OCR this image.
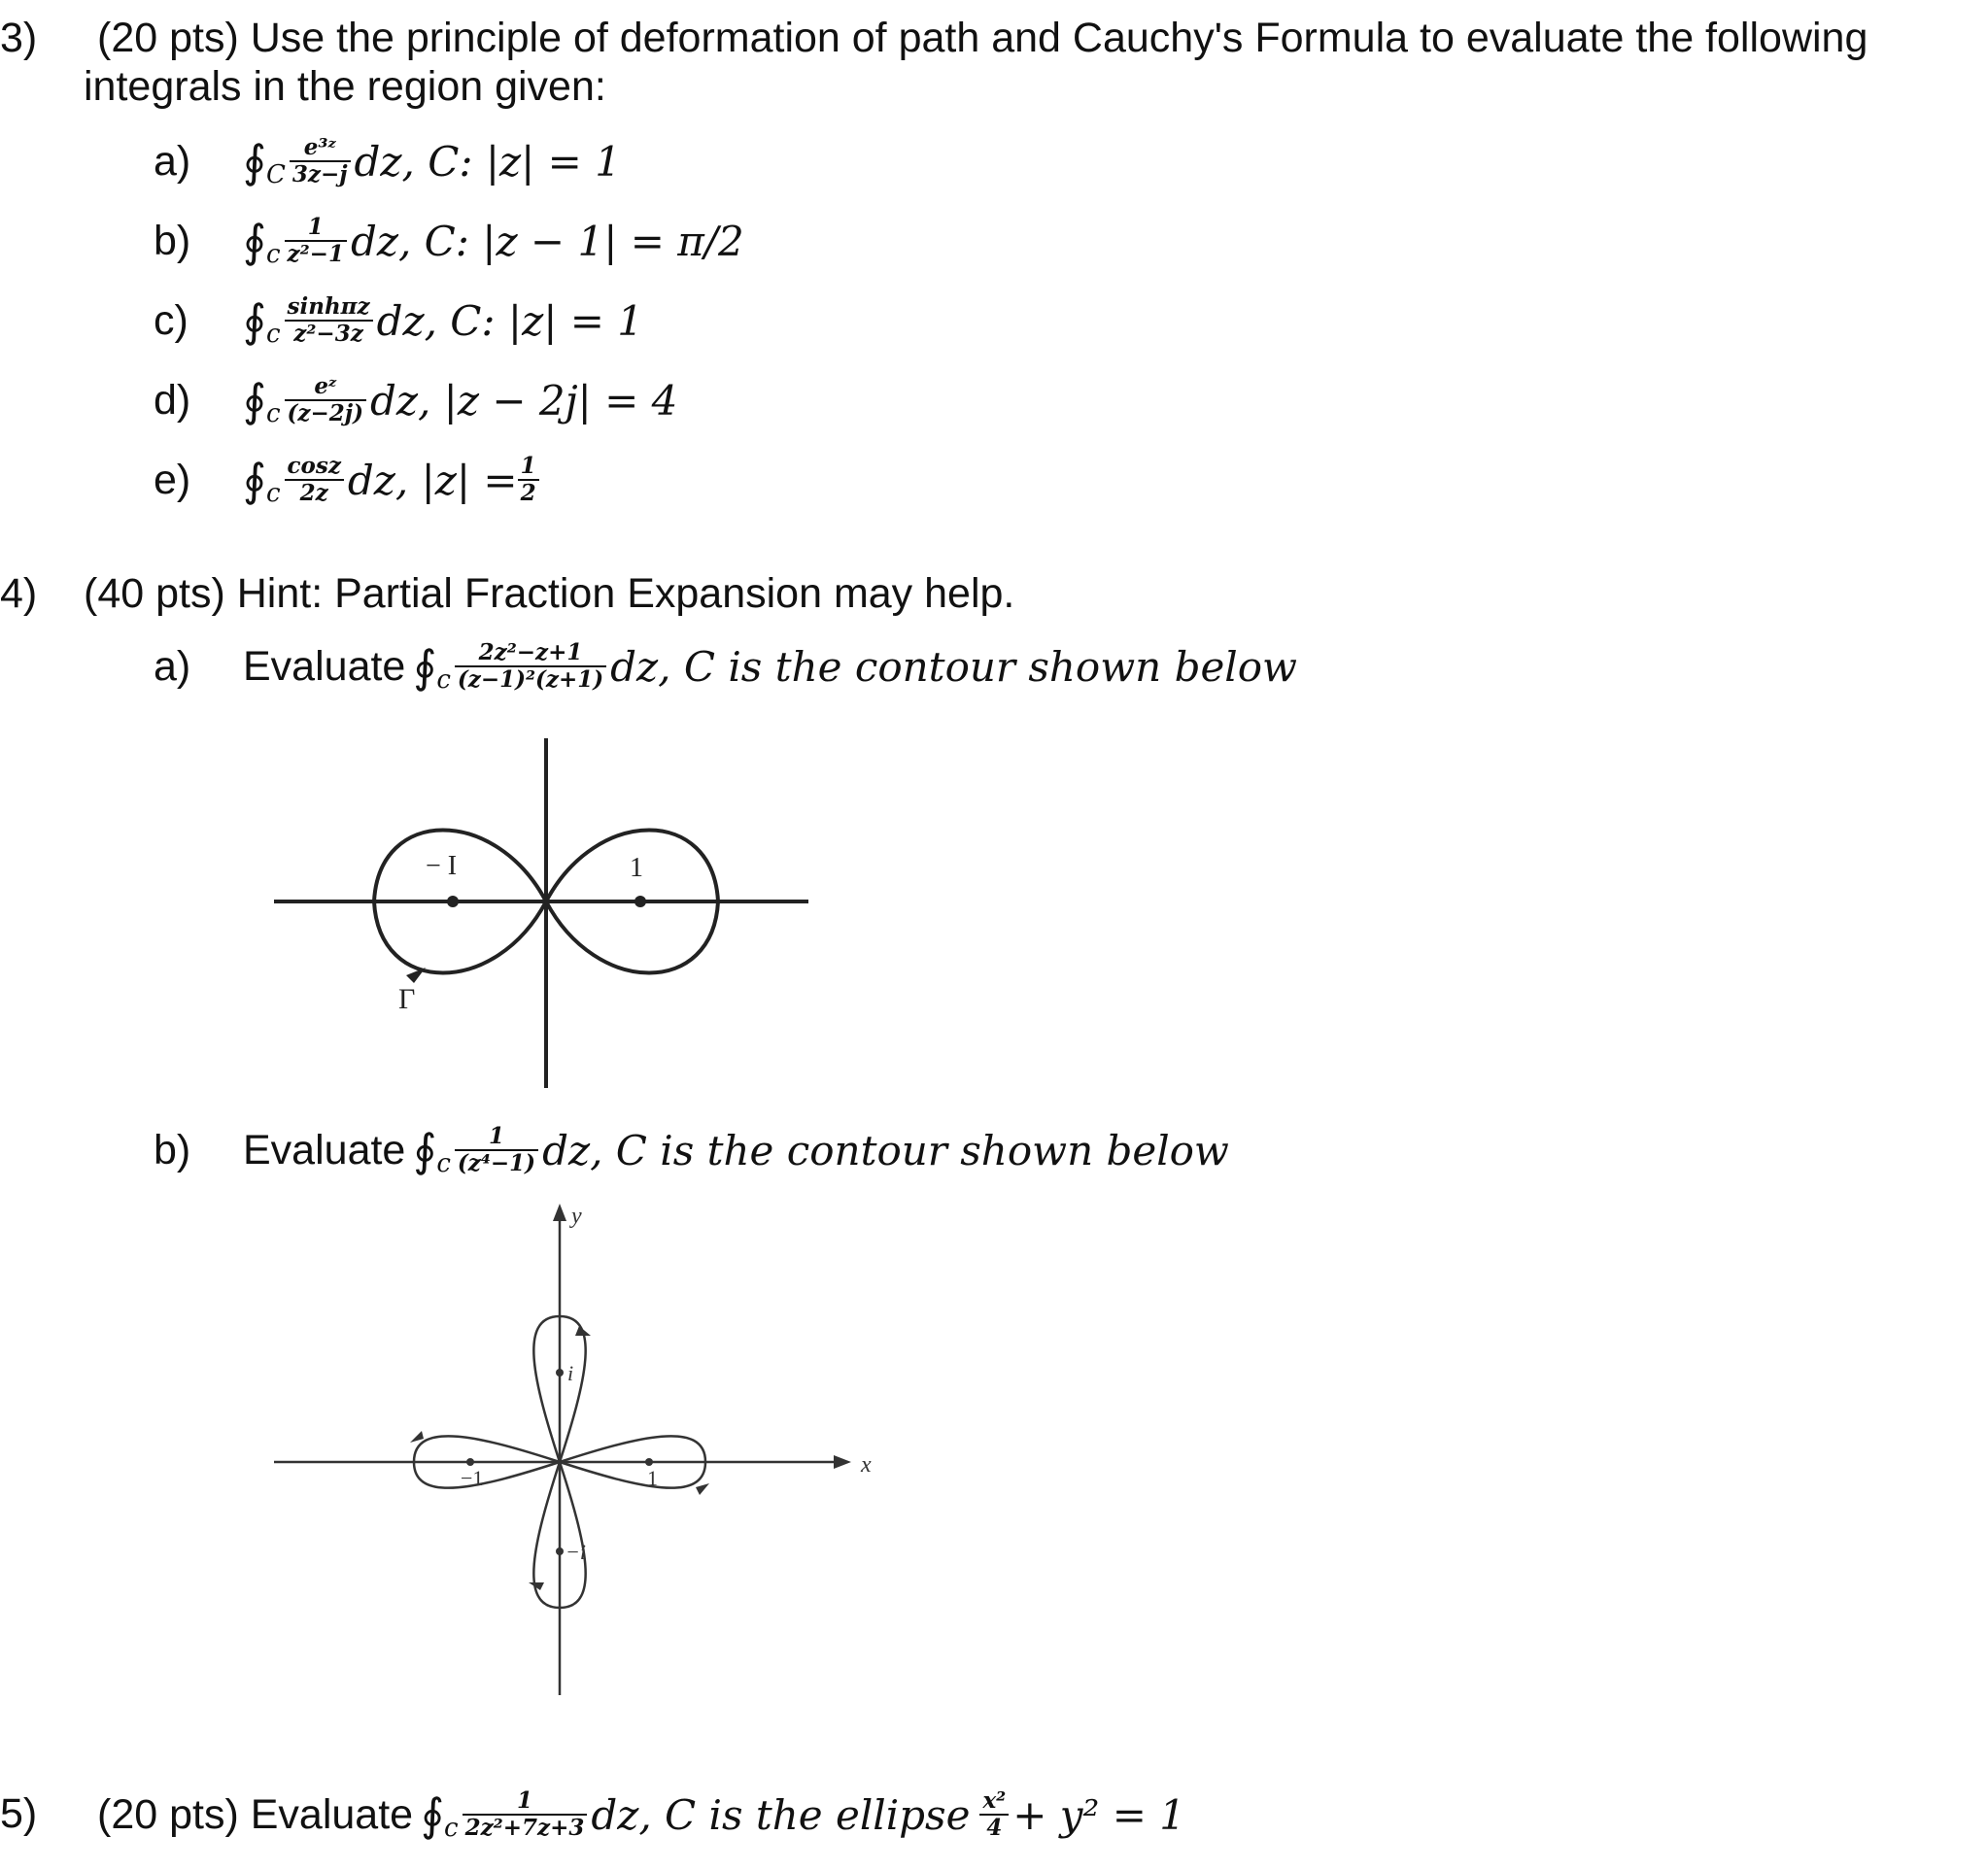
3) (20 pts) Use the principle of deformation of path and Cauchy's Formula to evaluate the following
integrals in the region given:
a)	∮ C $\frac{\text{e³ᶻ}}{3z-j}$ dz, C: |z| = 1
b)	∮ c $\frac{1}{\text{z²−1}}$ dz, C: |z − 1| = π/2
c)	∮ c $\frac{\sinh\pi z}{\text{z²−3z}}$ dz, C: |z| = 1
d)	∮ c $\frac{\text{eᶻ}}{(z-2j)}$ dz, |z − 2j| = 4
e)	∮ c $\frac{\cos z}{2z}$ dz, $|z| = \frac{1}{2}$
4) (40 pts) Hint: Partial Fraction Expansion may help.
a)	Evaluate ∮ c $\frac{\text{2z²−z+1}}{\text{(z−1)²(z+1)}}$ dz, C is the contour shown below
− I	1
Γ
b)	Evaluate ∮ c $\frac{1}{\text{(z⁴−1)}}$ dz, C is the contour shown below
y
x
i
−i
−1	1
5) (20 pts) Evaluate ∮ c $\frac{1}{\text{2z²+7z+3}}$ dz, C is the ellipse $\frac{\text{x²}}{4} + y^2 = 1$
